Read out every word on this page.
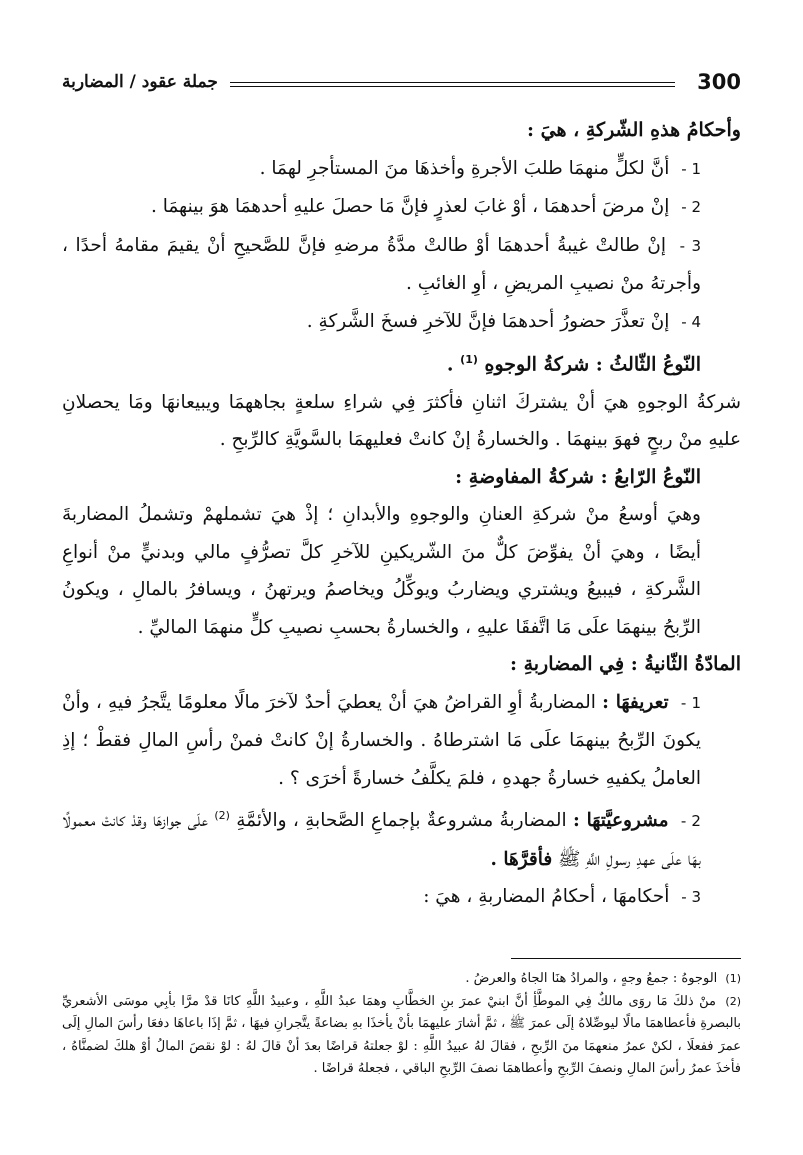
300
جملة عقود / المضاربة

وأحكامُ هذهِ الشّركةِ ، هيَ :

1 - أنَّ لكلٍّ منهمَا طلبَ الأجرةِ وأخذهَا منَ المستأجرِ لهمَا .

2 - إنْ مرضَ أحدهمَا ، أوْ غابَ لعذرٍ فإنَّ مَا حصلَ عليهِ أحدهمَا هوَ بينهمَا .

3 - إنْ طالتْ غيبةُ أحدهمَا أوْ طالتْ مدَّةُ مرضهِ فإنَّ للصَّحيحِ أنْ يقيمَ مقامهُ أحدًا ، وأجرتهُ منْ نصيبِ المريضِ ، أوِ الغائبِ .

4 - إنْ تعذَّرَ حضورُ أحدهمَا فإنَّ للآخرِ فسخَ الشَّركةِ .

النّوعُ الثّالثُ : شركةُ الوجوهِ $^{(1)}$ .

شركةُ الوجوهِ هيَ أنْ يشتركَ اثنانِ فأكثرَ فِي شراءِ سلعةٍ بجاههمَا ويبيعانهَا ومَا يحصلانِ عليهِ منْ ربحٍ فهوَ بينهمَا . والخسارةُ إنْ كانتْ فعليهمَا بالسَّويَّةِ كالرِّبحِ .

النّوعُ الرّابعُ : شركةُ المفاوضةِ :

وهيَ أوسعُ منْ شركةِ العنانِ والوجوهِ والأبدانِ ؛ إذْ هيَ تشملهمْ وتشملُ المضاربةَ أيضًا ، وهيَ أنْ يفوِّضَ كلٌّ منَ الشّريكينِ للآخرِ كلَّ تصرُّفٍ مالي وبدنيٍّ منْ أنواعِ الشَّركةِ ، فيبيعُ ويشتري ويضاربُ ويوكِّلُ ويخاصمُ ويرتهنُ ، ويسافرُ بالمالِ ، ويكونُ الرِّبحُ بينهمَا علَى مَا اتَّفقَا عليهِ ، والخسارةُ بحسبِ نصيبِ كلٍّ منهمَا الماليِّ .

المادّةُ الثّانيةُ : فِي المضاربةِ :

1 - تعريفهَا : المضاربةُ أوِ القراضُ هيَ أنْ يعطيَ أحدٌ لآخرَ مالًا معلومًا يتَّجرُ فيهِ ، وأنْ يكونَ الرِّبحُ بينهمَا علَى مَا اشترطاهُ . والخسارةُ إنْ كانتْ فمنْ رأسِ المالِ فقطْ ؛ إذِ العاملُ يكفيهِ خسارةُ جهدهِ ، فلمَ يكلَّفُ خسارةً أخرَى ؟ .

2 - مشروعيَّتهَا : المضاربةُ مشروعةٌ بإجماعِ الصَّحابةِ ، والأئمَّةِ $^{(2)}$ علَى جوازهَا وقدْ كانتْ معمولًا بهَا علَى عهدِ رسولِ اللَّهِ ﷺ فأقرَّهَا .

3 - أحكامهَا ، أحكامُ المضاربةِ ، هيَ :

(1) الوجوهُ : جمعُ وجهٍ ، والمرادُ هنَا الجاهُ والعرضُ .

(2) منْ ذلكَ مَا روَى مالكٌ فِي الموطَّأِ أنَّ ابنيْ عمرَ بنِ الخطَّابِ وهمَا عبدُ اللَّهِ ، وعبيدُ اللَّهِ كانَا قدْ مرَّا بأبِي موسَى الأشعريِّ بالبصرةِ فأعطاهمَا مالًا ليوصِّلاهُ إلَى عمرَ ﷺ ، ثمَّ أشارَ عليهمَا بأنْ يأخذَا بهِ بضاعةً يتَّجرانِ فيهَا ، ثمَّ إذَا باعاهَا دفعَا رأسَ المالِ إلَى عمرَ ففعلَا ، لكنْ عمرُ منعهمَا منَ الرِّبحِ ، فقالَ لهُ عبيدُ اللَّهِ : لوْ جعلتهُ قراضًا بعدَ أنْ قالَ لهُ : لوْ نقصَ المالُ أوْ هلكَ لضمنَّاهُ ، فأخذَ عمرُ رأسَ المالِ ونصفَ الرِّبحِ وأعطاهمَا نصفَ الرِّبحِ الباقي ، فجعلهُ قراضًا .
